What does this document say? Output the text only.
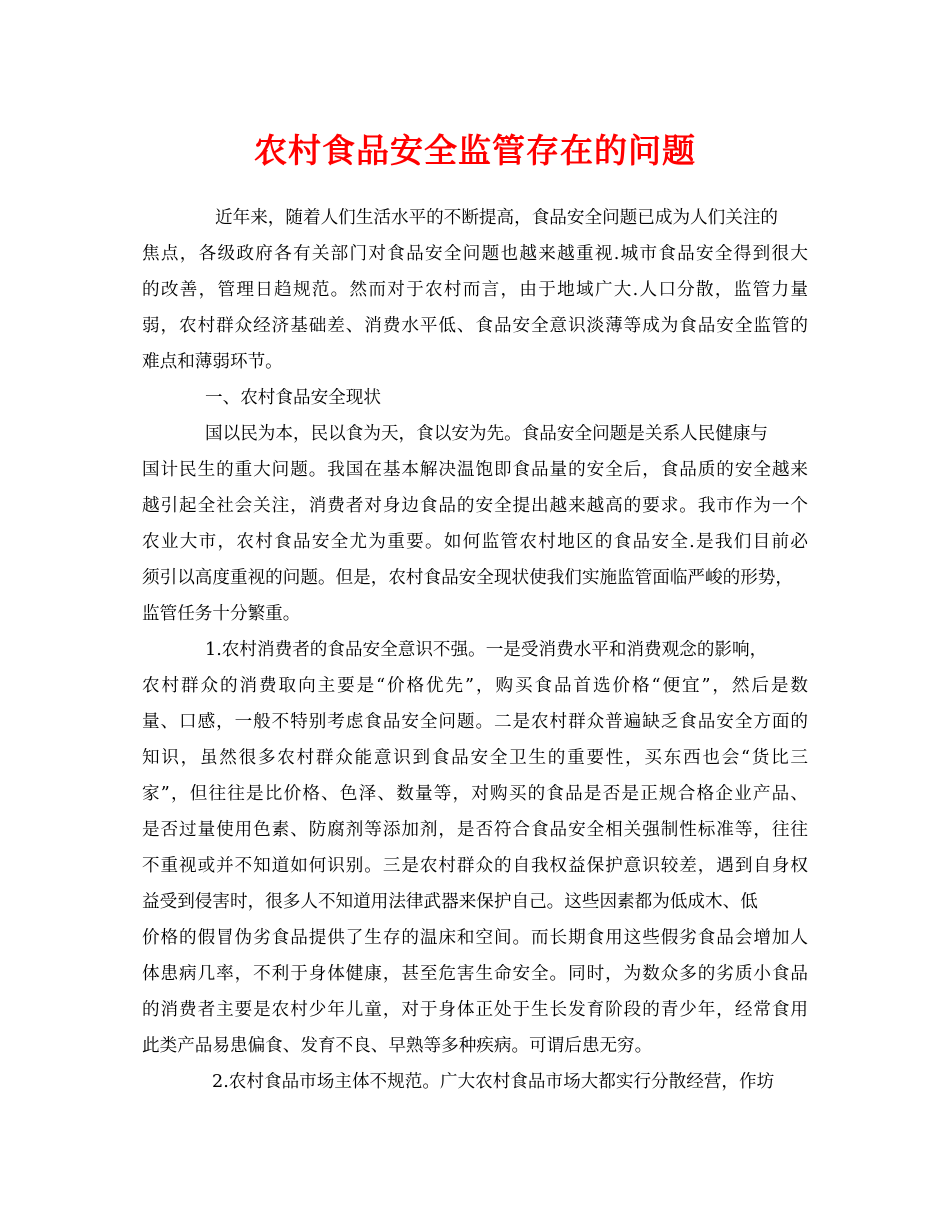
农村食品安全监管存在的问题
近年来，随着人们生活水平的不断提高，食品安全问题已成为人们关注的
焦点，各级政府各有关部门对食品安全问题也越来越重视.城市食品安全得到很大
的改善，管理日趋规范。然而对于农村而言，由于地域广大.人口分散，监管力量
弱，农村群众经济基础差、消费水平低、食品安全意识淡薄等成为食品安全监管的
难点和薄弱环节。
一、农村食品安全现状
国以民为本，民以食为天，食以安为先。食品安全问题是关系人民健康与
国计民生的重大问题。我国在基本解决温饱即食品量的安全后，食品质的安全越来
越引起全社会关注，消费者对身边食品的安全提出越来越高的要求。我市作为一个
农业大市，农村食品安全尤为重要。如何监管农村地区的食品安全.是我们目前必
须引以高度重视的问题。但是，农村食品安全现状使我们实施监管面临严峻的形势，
监管任务十分繁重。
1.农村消费者的食品安全意识不强。一是受消费水平和消费观念的影响，
农村群众的消费取向主要是“价格优先”，购买食品首选价格“便宜”，然后是数
量、口感，一般不特别考虑食品安全问题。二是农村群众普遍缺乏食品安全方面的
知识，虽然很多农村群众能意识到食品安全卫生的重要性，买东西也会“货比三
家”，但往往是比价格、色泽、数量等，对购买的食品是否是正规合格企业产品、
是否过量使用色素、防腐剂等添加剂，是否符合食品安全相关强制性标准等，往往
不重视或并不知道如何识别。三是农村群众的自我权益保护意识较差，遇到自身权
益受到侵害时，很多人不知道用法律武器来保护自己。这些因素都为低成木、低
价格的假冒伪劣食品提供了生存的温床和空间。而长期食用这些假劣食品会增加人
体患病几率，不利于身体健康，甚至危害生命安全。同时，为数众多的劣质小食品
的消费者主要是农村少年儿童，对于身体正处于生长发育阶段的青少年，经常食用
此类产品易患偏食、发育不良、早熟等多种疾病。可谓后患无穷。
2.农村食品市场主体不规范。广大农村食品市场大都实行分散经营，作坊
